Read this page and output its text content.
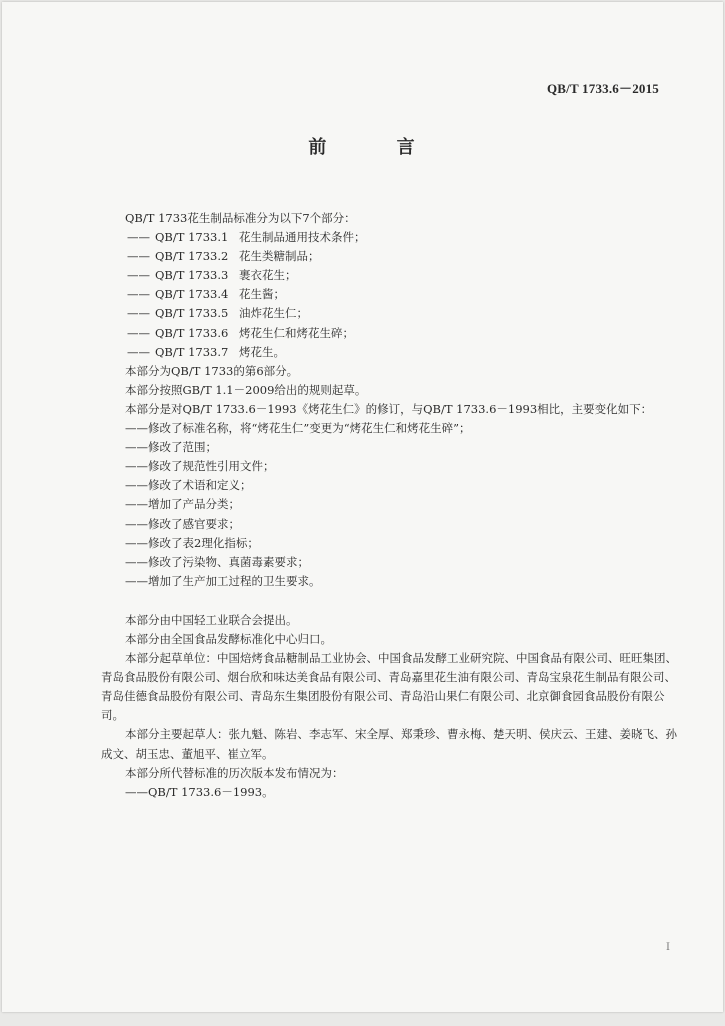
QB/T 1733.6－2015
前 言
QB/T 1733花生制品标准分为以下7个部分：
—— QB/T 1733.1 花生制品通用技术条件；
—— QB/T 1733.2 花生类糖制品；
—— QB/T 1733.3 裹衣花生；
—— QB/T 1733.4 花生酱；
—— QB/T 1733.5 油炸花生仁；
—— QB/T 1733.6 烤花生仁和烤花生碎；
—— QB/T 1733.7 烤花生。
本部分为QB/T 1733的第6部分。
本部分按照GB/T 1.1－2009给出的规则起草。
本部分是对QB/T 1733.6－1993《烤花生仁》的修订，与QB/T 1733.6－1993相比，主要变化如下：
——修改了标准名称，将“烤花生仁”变更为“烤花生仁和烤花生碎”；
——修改了范围；
——修改了规范性引用文件；
——修改了术语和定义；
——增加了产品分类；
——修改了感官要求；
——修改了表2理化指标；
——修改了污染物、真菌毒素要求；
——增加了生产加工过程的卫生要求。
本部分由中国轻工业联合会提出。
本部分由全国食品发酵标准化中心归口。
本部分起草单位：中国焙烤食品糖制品工业协会、中国食品发酵工业研究院、中国食品有限公司、旺旺集团、青岛食品股份有限公司、烟台欣和味达美食品有限公司、青岛嘉里花生油有限公司、青岛宝泉花生制品有限公司、青岛佳德食品股份有限公司、青岛东生集团股份有限公司、青岛沿山果仁有限公司、北京御食园食品股份有限公司。
本部分主要起草人：张九魁、陈岩、李志军、宋全厚、郑秉珍、曹永梅、楚天明、侯庆云、王建、姜晓飞、孙成文、胡玉忠、董旭平、崔立军。
本部分所代替标准的历次版本发布情况为：
——QB/T 1733.6－1993。
I
